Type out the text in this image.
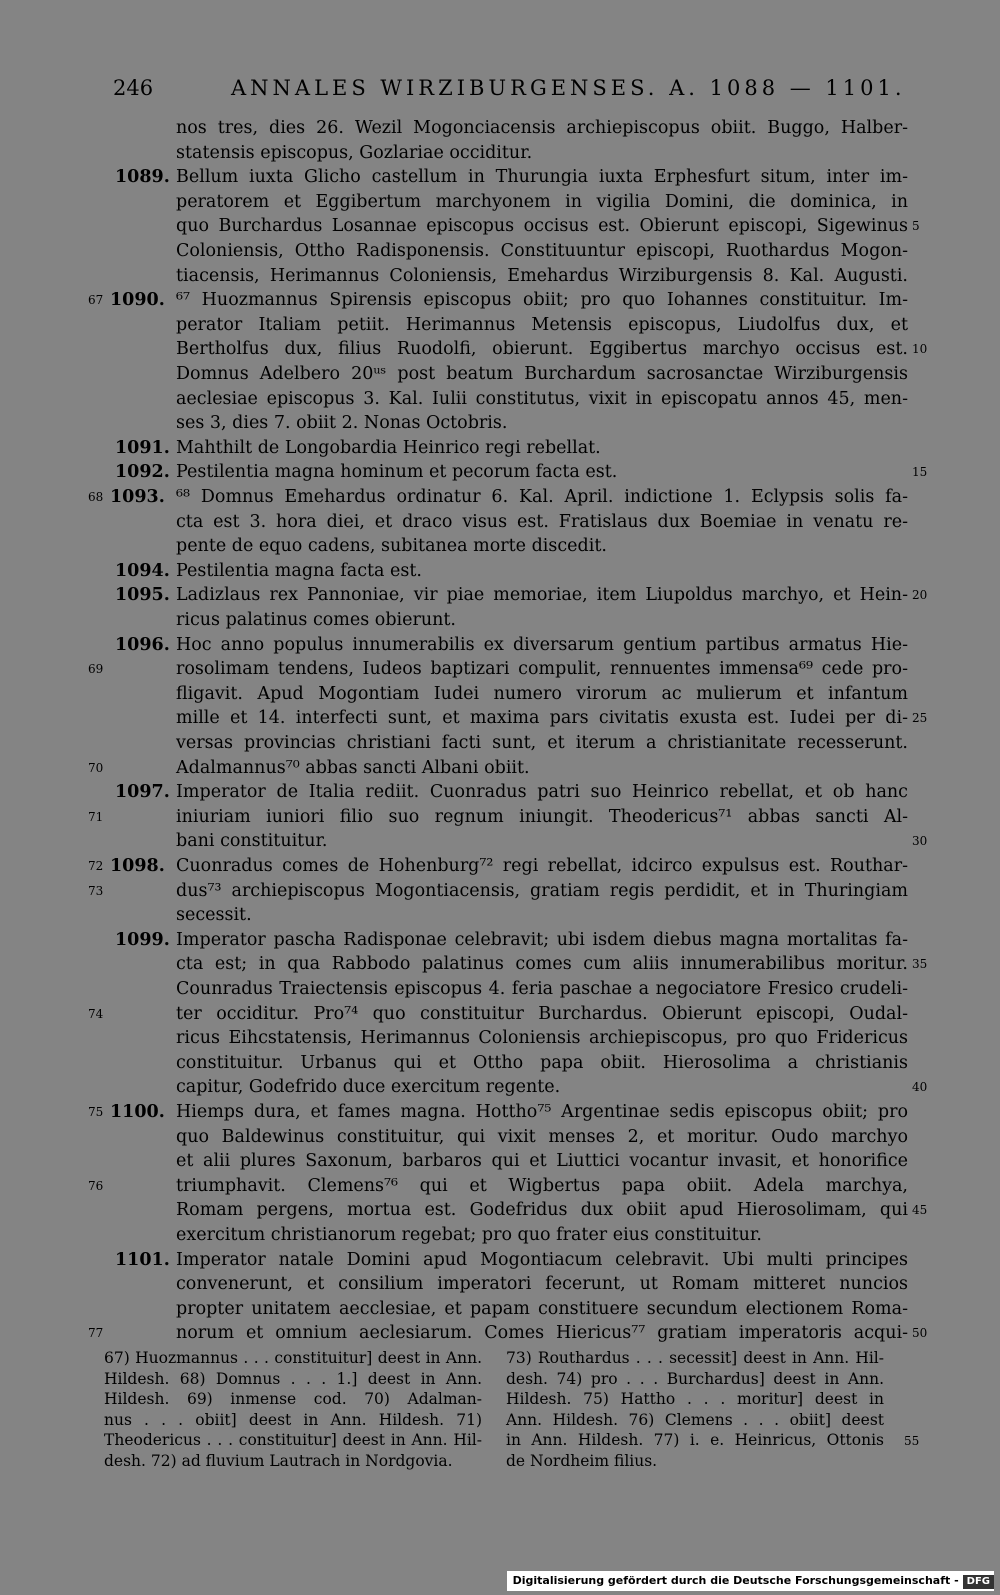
246	ANNALES WIRZIBURGENSES. A. 1088 — 1101.
nos tres, dies 26. Wezil Mogonciacensis archiepiscopus obiit. Buggo, Halber-
statensis episcopus, Gozlariae occiditur.
1089. Bellum iuxta Glicho castellum in Thurungia iuxta Erphesfurt situm, inter im-
peratorem et Eggibertum marchyonem in vigilia Domini, die dominica, in
quo Burchardus Losannae episcopus occisus est. Obierunt episcopi, Sigewinus 5
Coloniensis, Ottho Radisponensis. Constituuntur episcopi, Ruothardus Mogon-
tiacensis, Herimannus Coloniensis, Emehardus Wirziburgensis 8. Kal. Augusti.
67 1090. ⁶⁷ Huozmannus Spirensis episcopus obiit; pro quo Iohannes constituitur. Im-
perator Italiam petiit. Herimannus Metensis episcopus, Liudolfus dux, et
Bertholfus dux, filius Ruodolfi, obierunt. Eggibertus marchyo occisus est. 10
Domnus Adelbero 20ᵘˢ post beatum Burchardum sacrosanctae Wirziburgensis
aeclesiae episcopus 3. Kal. Iulii constitutus, vixit in episcopatu annos 45, men-
ses 3, dies 7. obiit 2. Nonas Octobris.
1091. Mahthilt de Longobardia Heinrico regi rebellat.
1092. Pestilentia magna hominum et pecorum facta est.	15
68 1093. ⁶⁸ Domnus Emehardus ordinatur 6. Kal. April. indictione 1. Eclypsis solis fa-
cta est 3. hora diei, et draco visus est. Fratislaus dux Boemiae in venatu re-
pente de equo cadens, subitanea morte discedit.
1094. Pestilentia magna facta est.
1095. Ladizlaus rex Pannoniae, vir piae memoriae, item Liupoldus marchyo, et Hein- 20
ricus palatinus comes obierunt.
1096. Hoc anno populus innumerabilis ex diversarum gentium partibus armatus Hie-
69	rosolimam tendens, Iudeos baptizari compulit, rennuentes immensa⁶⁹ cede pro-
fligavit. Apud Mogontiam Iudei numero virorum ac mulierum et infantum
mille et 14. interfecti sunt, et maxima pars civitatis exusta est. Iudei per di- 25
versas provincias christiani facti sunt, et iterum a christianitate recesserunt.
70	Adalmannus⁷⁰ abbas sancti Albani obiit.
1097. Imperator de Italia rediit. Cuonradus patri suo Heinrico rebellat, et ob hanc
71	iniuriam iuniori filio suo regnum iniungit. Theodericus⁷¹ abbas sancti Al-
bani constituitur.	30
72 1098. Cuonradus comes de Hohenburg⁷² regi rebellat, idcirco expulsus est. Routhar-
73	dus⁷³ archiepiscopus Mogontiacensis, gratiam regis perdidit, et in Thuringiam
secessit.
1099. Imperator pascha Radisponae celebravit; ubi isdem diebus magna mortalitas fa-
cta est; in qua Rabbodo palatinus comes cum aliis innumerabilibus moritur. 35
Counradus Traiectensis episcopus 4. feria paschae a negociatore Fresico crudeli-
74	ter occiditur. Pro⁷⁴ quo constituitur Burchardus. Obierunt episcopi, Oudal-
ricus Eihcstatensis, Herimannus Coloniensis archiepiscopus, pro quo Fridericus
constituitur. Urbanus qui et Ottho papa obiit. Hierosolima a christianis
capitur, Godefrido duce exercitum regente.	40
75 1100. Hiemps dura, et fames magna. Hottho⁷⁵ Argentinae sedis episcopus obiit; pro
quo Baldewinus constituitur, qui vixit menses 2, et moritur. Oudo marchyo
et alii plures Saxonum, barbaros qui et Liuttici vocantur invasit, et honorifice
76	triumphavit. Clemens⁷⁶ qui et Wigbertus papa obiit. Adela marchya,
Romam pergens, mortua est. Godefridus dux obiit apud Hierosolimam, qui 45
exercitum christianorum regebat; pro quo frater eius constituitur.
1101. Imperator natale Domini apud Mogontiacum celebravit. Ubi multi principes
convenerunt, et consilium imperatori fecerunt, ut Romam mitteret nuncios
propter unitatem aecclesiae, et papam constituere secundum electionem Roma-
77	norum et omnium aeclesiarum. Comes Hiericus⁷⁷ gratiam imperatoris acqui- 50
67) Huozmannus . . . constituitur] deest in Ann.
Hildesh. 68) Domnus . . . 1.] deest in Ann.
Hildesh. 69) inmense cod. 70) Adalman-
nus . . . obiit] deest in Ann. Hildesh. 71)
Theodericus . . . constituitur] deest in Ann. Hil-
desh. 72) ad fluvium Lautrach in Nordgovia.
73) Routhardus . . . secessit] deest in Ann. Hil-
desh. 74) pro . . . Burchardus] deest in Ann.
Hildesh. 75) Hattho . . . moritur] deest in
Ann. Hildesh. 76) Clemens . . . obiit] deest
in Ann. Hildesh. 77) i. e. Heinricus, Ottonis
de Nordheim filius.
55
Digitalisierung gefördert durch die Deutsche Forschungsgemeinschaft - DFG
